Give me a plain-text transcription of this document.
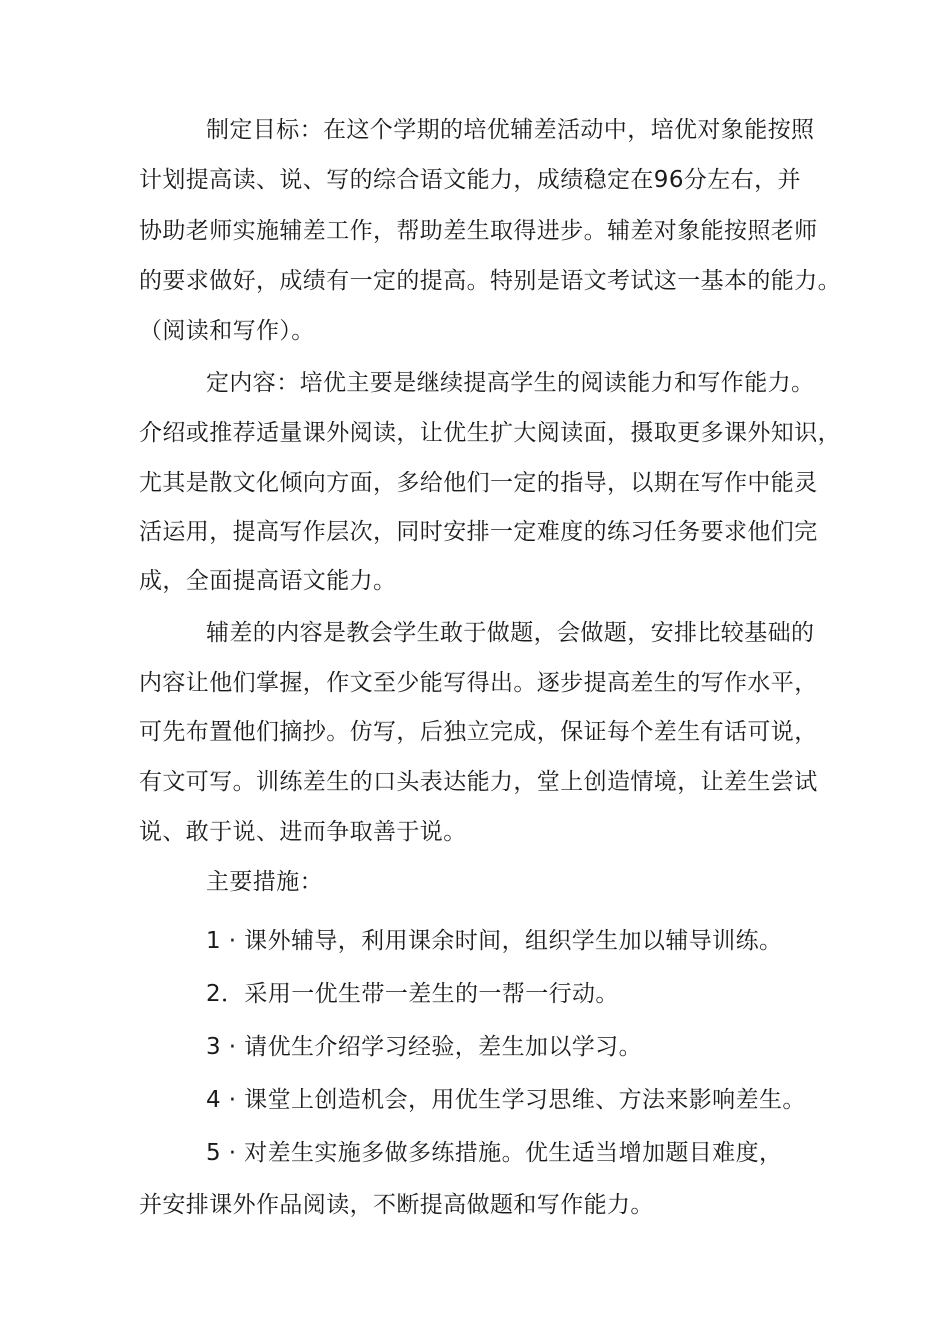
制定目标：在这个学期的培优辅差活动中，培优对象能按照
计划提高读、说、写的综合语文能力，成绩稳定在96分左右，并
协助老师实施辅差工作，帮助差生取得进步。辅差对象能按照老师
的要求做好，成绩有一定的提高。特别是语文考试这一基本的能力。
（阅读和写作）。
定内容：培优主要是继续提高学生的阅读能力和写作能力。
介绍或推荐适量课外阅读，让优生扩大阅读面，摄取更多课外知识，
尤其是散文化倾向方面，多给他们一定的指导，以期在写作中能灵
活运用，提高写作层次，同时安排一定难度的练习任务要求他们完
成，全面提高语文能力。
辅差的内容是教会学生敢于做题，会做题，安排比较基础的
内容让他们掌握，作文至少能写得出。逐步提高差生的写作水平，
可先布置他们摘抄。仿写，后独立完成，保证每个差生有话可说，
有文可写。训练差生的口头表达能力，堂上创造情境，让差生尝试
说、敢于说、进而争取善于说。
主要措施：
1 · 课外辅导，利用课余时间，组织学生加以辅导训练。
2．采用一优生带一差生的一帮一行动。
3 · 请优生介绍学习经验，差生加以学习。
4 · 课堂上创造机会，用优生学习思维、方法来影响差生。
5 · 对差生实施多做多练措施。优生适当增加题目难度，
并安排课外作品阅读，不断提高做题和写作能力。
